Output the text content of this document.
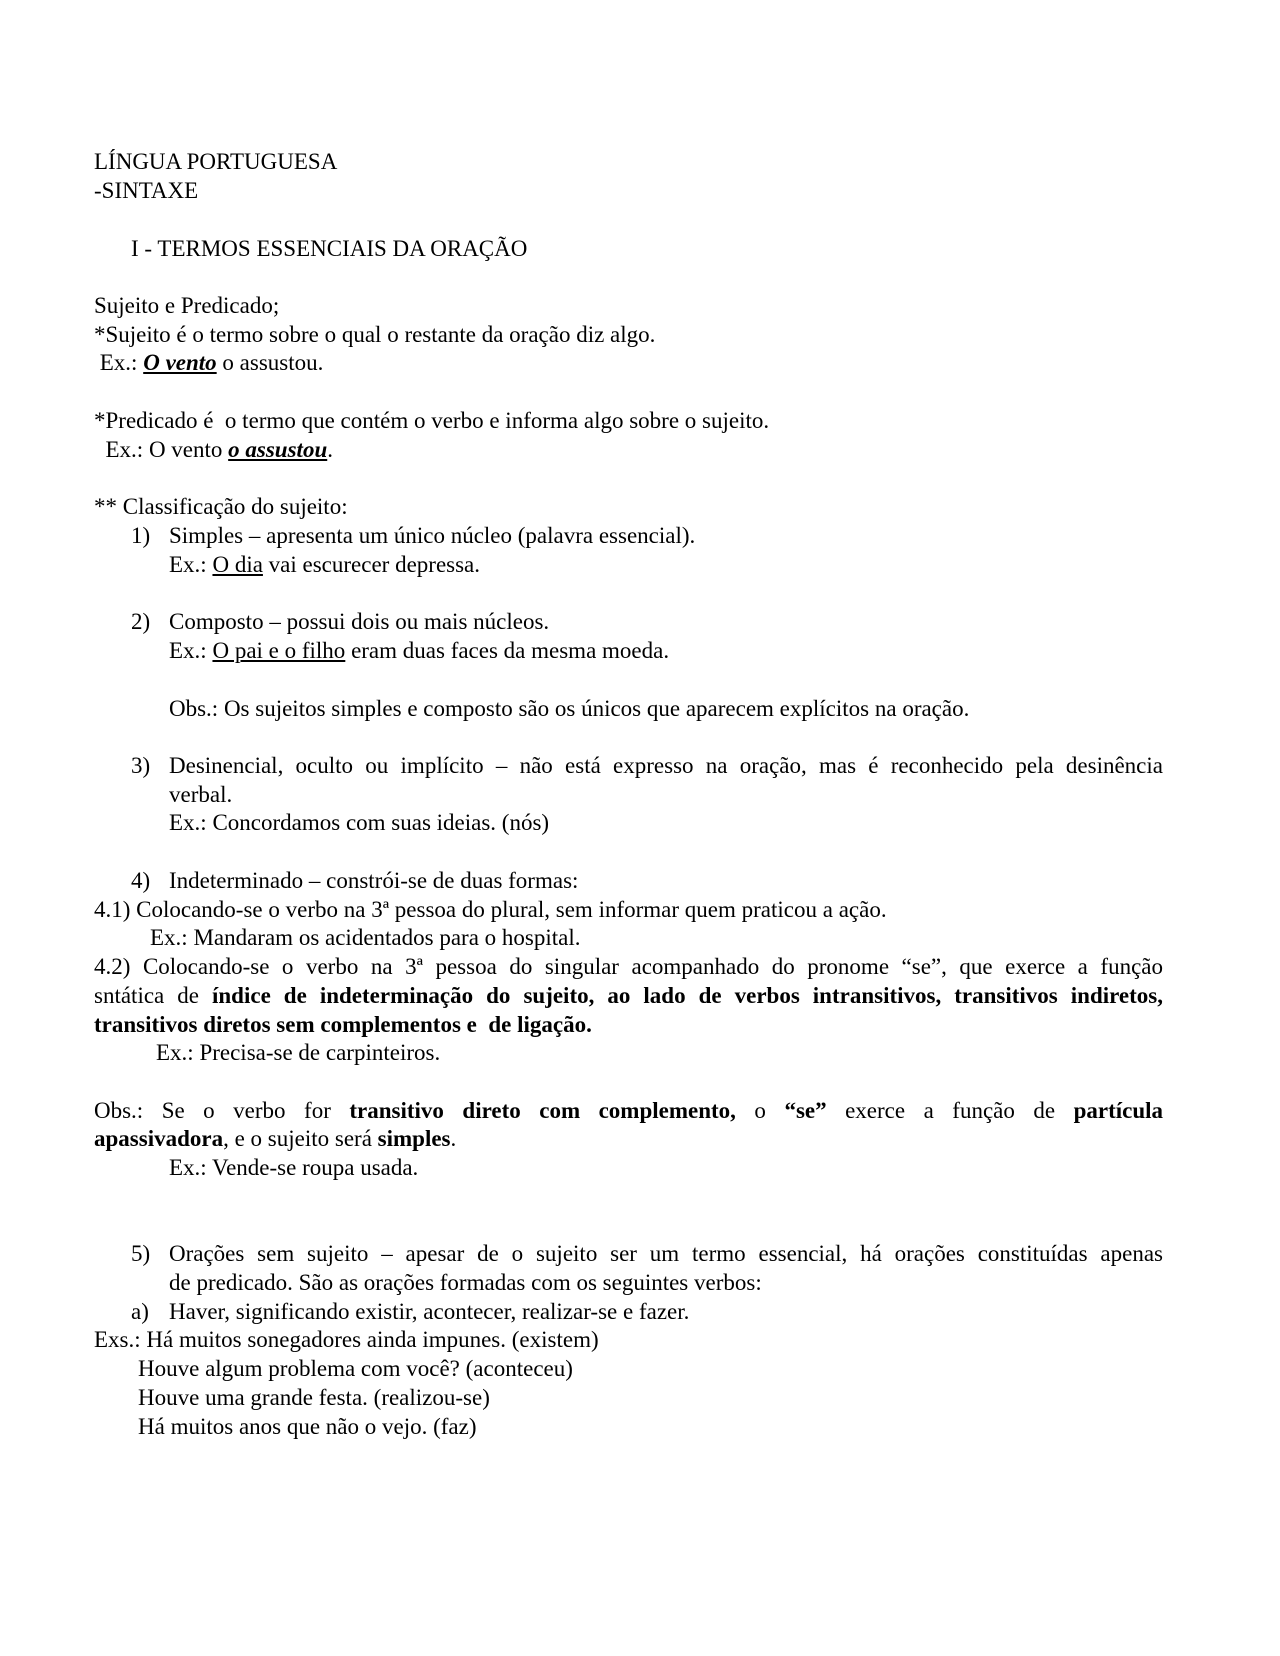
LÍNGUA PORTUGUESA
-SINTAXE
I - TERMOS ESSENCIAIS DA ORAÇÃO
Sujeito e Predicado;
*Sujeito é o termo sobre o qual o restante da oração diz algo.
Ex.: O vento o assustou.
*Predicado é  o termo que contém o verbo e informa algo sobre o sujeito.
Ex.: O vento o assustou.
** Classificação do sujeito:
1) Simples – apresenta um único núcleo (palavra essencial).
Ex.: O dia vai escurecer depressa.
2) Composto – possui dois ou mais núcleos.
Ex.: O pai e o filho eram duas faces da mesma moeda.
Obs.: Os sujeitos simples e composto são os únicos que aparecem explícitos na oração.
3) Desinencial, oculto ou implícito – não está expresso na oração, mas é reconhecido pela desinência
verbal.
Ex.: Concordamos com suas ideias. (nós)
4) Indeterminado – constrói-se de duas formas:
4.1) Colocando-se o verbo na 3ª pessoa do plural, sem informar quem praticou a ação.
Ex.: Mandaram os acidentados para o hospital.
4.2) Colocando-se o verbo na 3ª pessoa do singular acompanhado do pronome “se”, que exerce a função
sntática de índice de indeterminação do sujeito, ao lado de verbos intransitivos, transitivos indiretos,
transitivos diretos sem complementos e  de ligação.
Ex.: Precisa-se de carpinteiros.
Obs.: Se o verbo for transitivo direto com complemento, o “se” exerce a função de partícula
apassivadora, e o sujeito será simples.
Ex.: Vende-se roupa usada.
5) Orações sem sujeito – apesar de o sujeito ser um termo essencial, há orações constituídas apenas
de predicado. São as orações formadas com os seguintes verbos:
a) Haver, significando existir, acontecer, realizar-se e fazer.
Exs.: Há muitos sonegadores ainda impunes. (existem)
Houve algum problema com você? (aconteceu)
Houve uma grande festa. (realizou-se)
Há muitos anos que não o vejo. (faz)
